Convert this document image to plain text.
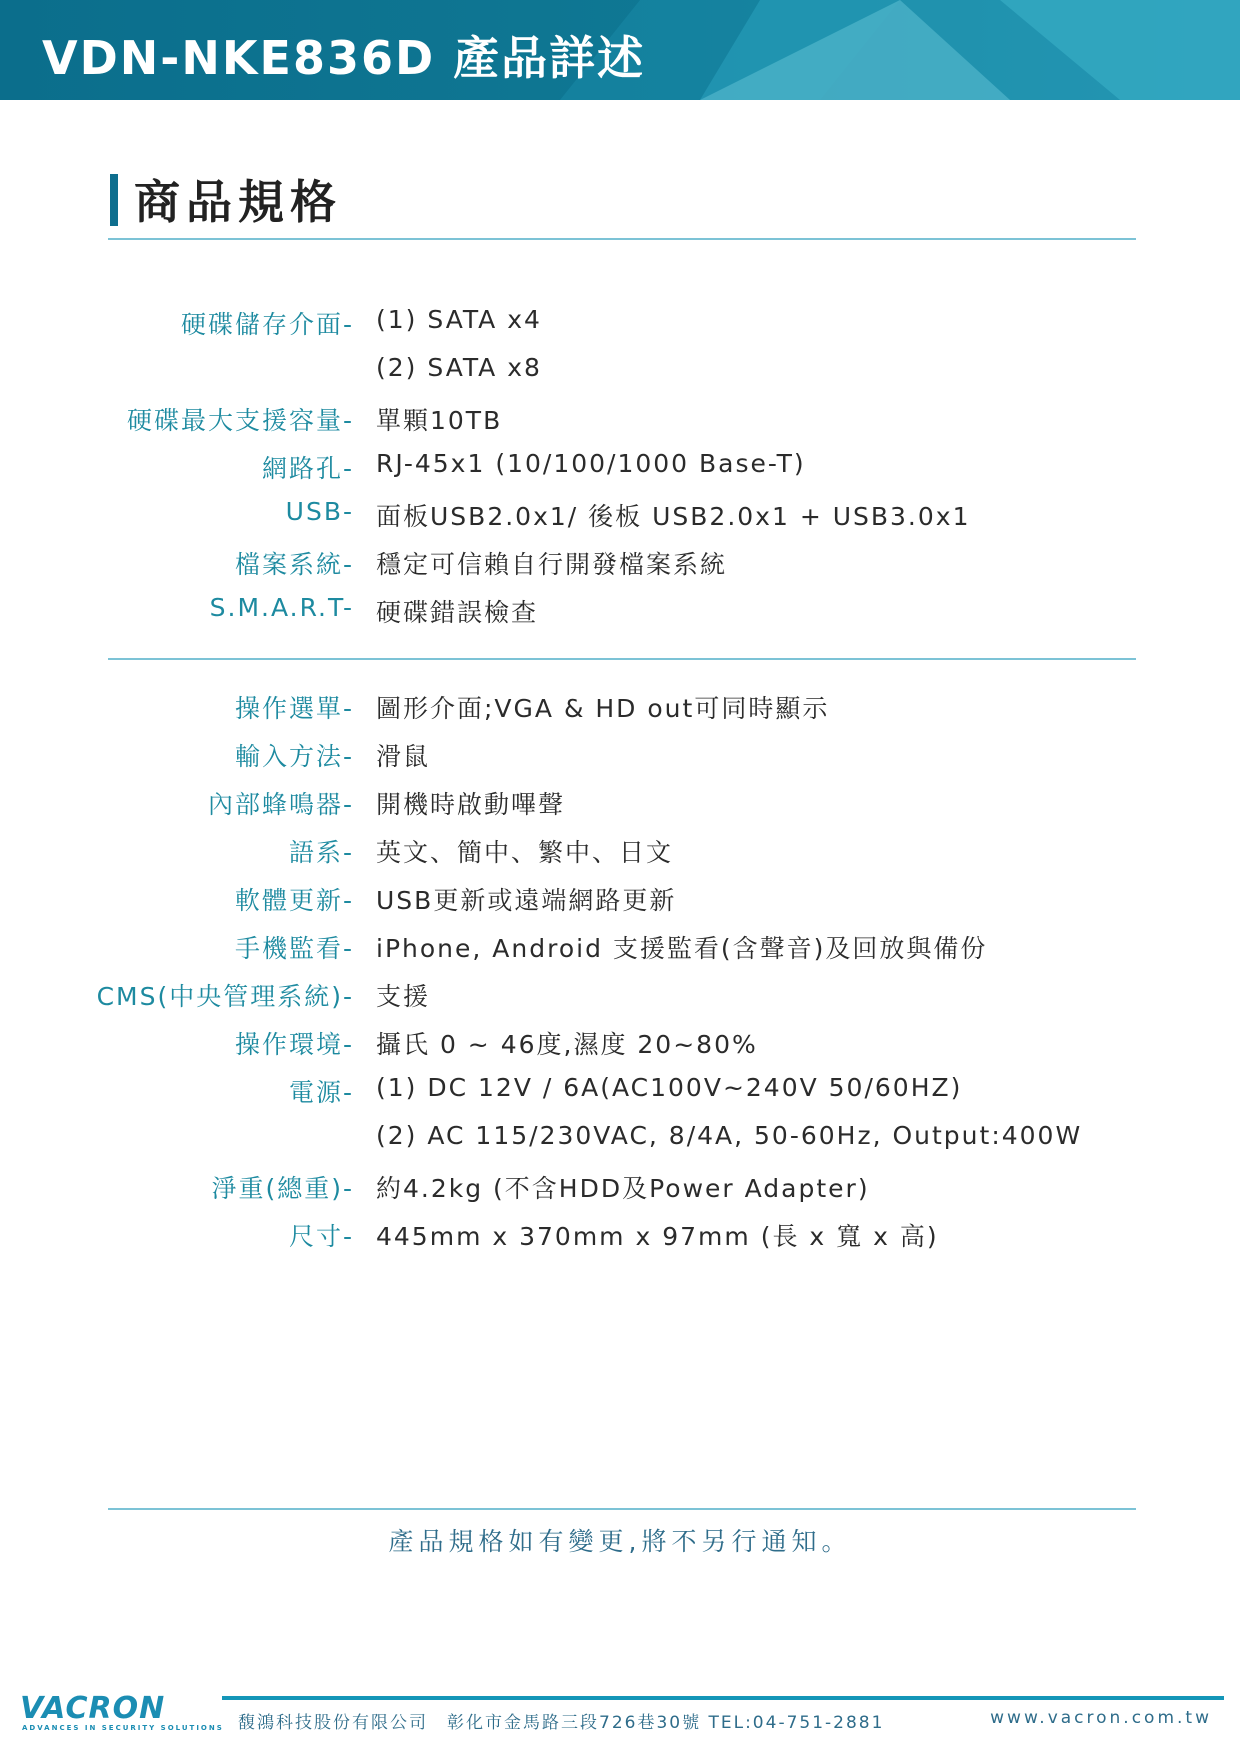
VDN-NKE836D 產品詳述
商品規格
硬碟儲存介面- (1) SATA x4
(2) SATA x8
硬碟最大支援容量- 單顆10TB
網路孔- RJ-45x1 (10/100/1000 Base-T)
USB- 面板USB2.0x1/ 後板 USB2.0x1 + USB3.0x1
檔案系統- 穩定可信賴自行開發檔案系統
S.M.A.R.T- 硬碟錯誤檢查
操作選單- 圖形介面;VGA & HD out可同時顯示
輸入方法- 滑鼠
內部蜂鳴器- 開機時啟動嗶聲
語系- 英文、簡中、繁中、日文
軟體更新- USB更新或遠端網路更新
手機監看- iPhone, Android 支援監看(含聲音)及回放與備份
CMS(中央管理系統)- 支援
操作環境- 攝氏 0 ~ 46度,濕度 20~80%
電源- (1) DC 12V / 6A(AC100V~240V 50/60HZ)
(2) AC 115/230VAC, 8/4A, 50-60Hz, Output:400W
淨重(總重)- 約4.2kg (不含HDD及Power Adapter)
尺寸- 445mm x 370mm x 97mm (長 x 寬 x 高)
產品規格如有變更,將不另行通知。
VACRON
ADVANCES IN SECURITY SOLUTIONS 馥鴻科技股份有限公司　彰化市金馬路三段726巷30號 TEL:04-751-2881	www.vacron.com.tw
